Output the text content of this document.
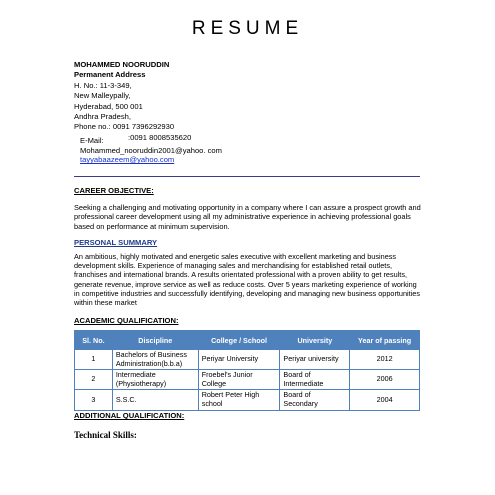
RESUME
MOHAMMED NOORUDDIN
Permanent Address
H. No.: 11-3-349,
New Malleypally,
Hyderabad, 500 001
Andhra Pradesh,
Phone no.: 0091 7396292930
:0091 8008535620
E-Mail:
Mohammed_nooruddin2001@yahoo. com
tayyabaazeem@yahoo.com
CAREER OBJECTIVE:
Seeking a challenging and motivating opportunity in a company where I can assure a prospect growth and professional career development using all my administrative experience in achieving professional goals based on performance at minimum supervision.
PERSONAL SUMMARY
An ambitious, highly motivated and energetic sales executive with excellent marketing and business development skills. Experience of managing sales and merchandising for established retail outlets, franchises and international brands. A results orientated professional with a proven ability to get results, generate revenue, improve service as well as reduce costs. Over 5 years marketing experience of working in competitive industries and successfully identifying, developing and managing new business opportunities within these market
ACADEMIC QUALIFICATION:
Sl. No.	Discipline	College / School	University	Year of passing
1	Bachelors of Business Administration(b.b.a)	Periyar University	Periyar university	2012
2	Intermediate (Physiotherapy)	Froebel's Junior College	Board of Intermediate	2006
3	S.S.C.	Robert Peter High school	Board of Secondary	2004
ADDITIONAL QUALIFICATION:
Technical Skills:
